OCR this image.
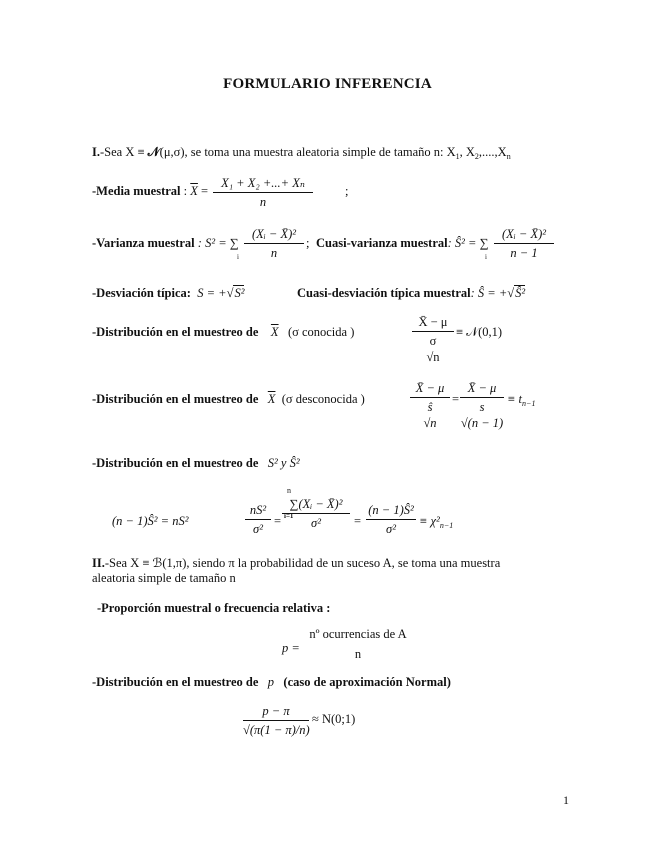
FORMULARIO INFERENCIA
I.-Sea X ≡ 𝒩(μ,σ), se toma una muestra aleatoria simple de tamaño n: $X_1$, $X_2,....,X_n$
-Media muestral : $\overline{X}$ =
X₁ + X₂ +...+ Xₙ
n
;
-Varianza muestral : S² = ∑
i
(Xᵢ − X̄)²
n
; Cuasi-varianza muestral: Ŝ² = ∑
i
(Xᵢ − X̄)²
n − 1
-Desviación típica: S = +√S²	Cuasi-desviación típica muestral: Ŝ = +√Ŝ²
-Distribución en el muestreo de $\overline{X}$ (σ conocida )
X̄ − μ
σ
√n
≡ 𝒩(0,1)
-Distribución en el muestreo de $\overline{X}$ (σ desconocida )
X̄ − μ
ŝ
√n
=
X̄ − μ
s
√(n − 1)
≡ $t_{n-1}$
-Distribución en el muestreo de S² y Ŝ²
(n − 1)Ŝ² = nS²
nS²
σ²
=
n
∑(Xᵢ − X̄)²
σ²
i=1	=
(n − 1)Ŝ²
σ²
≡ $\chi^2_{n-1}$
II.-Sea X ≡ ℬ(1,π), siendo π la probabilidad de un suceso A, se toma una muestra
aleatoria simple de tamaño n
-Proporción muestral o frecuencia relativa :
p =
nº ocurrencias de A
n
-Distribución en el muestreo de p (caso de aproximación Normal)
p − π
√(π(1 − π)/n)
≈ N(0;1)
1
